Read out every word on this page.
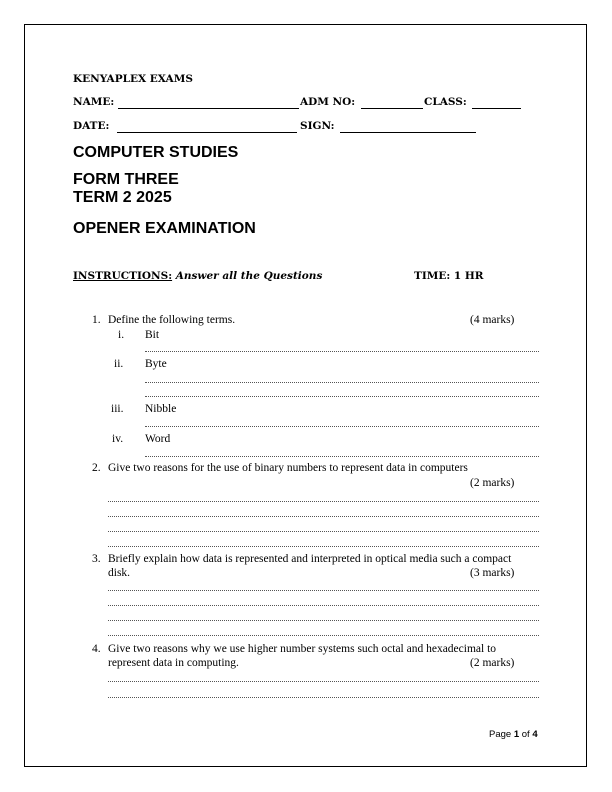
KENYAPLEX EXAMS
NAME:	ADM NO:	CLASS:
DATE:	SIGN:
COMPUTER STUDIES
FORM THREE
TERM 2 2025
OPENER EXAMINATION
INSTRUCTIONS: Answer all the Questions	TIME: 1 HR
1. Define the following terms.	(4 marks)
i. Bit
ii. Byte
iii. Nibble
iv. Word
2. Give two reasons for the use of binary numbers to represent data in computers
(2 marks)
3. Briefly explain how data is represented and interpreted in optical media such a compact
disk.	(3 marks)
4. Give two reasons why we use higher number systems such octal and hexadecimal to
represent data in computing.	(2 marks)
Page 1 of 4
